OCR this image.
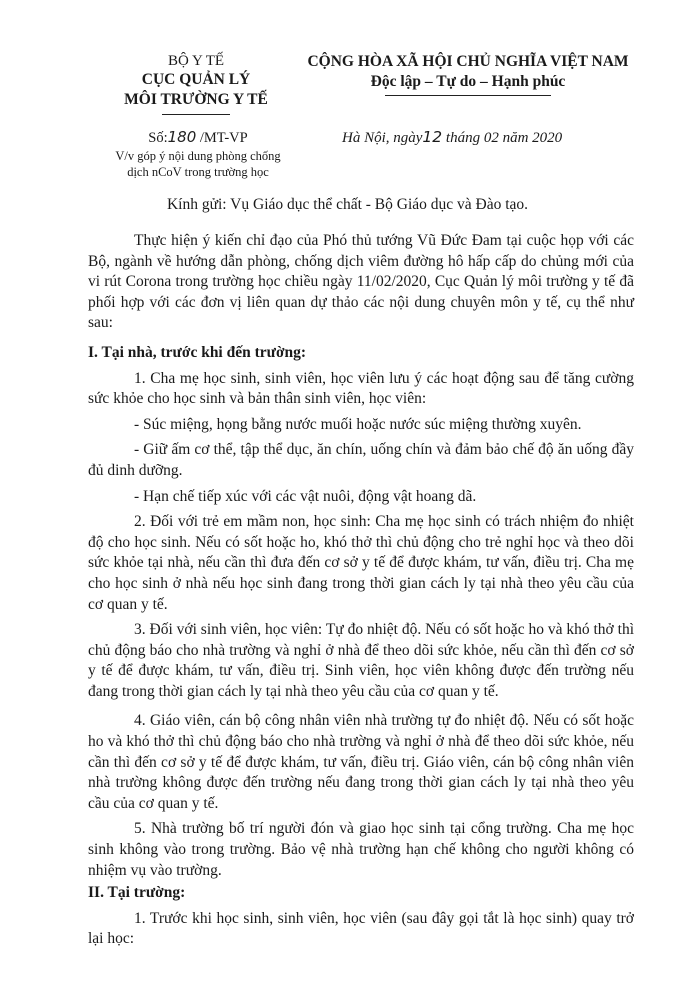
BỘ Y TẾ
CỤC QUẢN LÝ
MÔI TRƯỜNG Y TẾ
CỘNG HÒA XÃ HỘI CHỦ NGHĨA VIỆT NAM
Độc lập – Tự do – Hạnh phúc
Số:180 /MT-VP
V/v góp ý nội dung phòng chống
dịch nCoV trong trường học
Hà Nội, ngày12 tháng 02 năm 2020
Kính gửi: Vụ Giáo dục thể chất - Bộ Giáo dục và Đào tạo.

Thực hiện ý kiến chỉ đạo của Phó thủ tướng Vũ Đức Đam tại cuộc họp với các Bộ, ngành về hướng dẫn phòng, chống dịch viêm đường hô hấp cấp do chủng mới của vi rút Corona trong trường học chiều ngày 11/02/2020, Cục Quản lý môi trường y tế đã phối hợp với các đơn vị liên quan dự thảo các nội dung chuyên môn y tế, cụ thể như sau:

I. Tại nhà, trước khi đến trường:

1. Cha mẹ học sinh, sinh viên, học viên lưu ý các hoạt động sau để tăng cường sức khỏe cho học sinh và bản thân sinh viên, học viên:

- Súc miệng, họng bằng nước muối hoặc nước súc miệng thường xuyên.

- Giữ ấm cơ thể, tập thể dục, ăn chín, uống chín và đảm bảo chế độ ăn uống đầy đủ dinh dưỡng.

- Hạn chế tiếp xúc với các vật nuôi, động vật hoang dã.

2. Đối với trẻ em mầm non, học sinh: Cha mẹ học sinh có trách nhiệm đo nhiệt độ cho học sinh. Nếu có sốt hoặc ho, khó thở thì chủ động cho trẻ nghỉ học và theo dõi sức khỏe tại nhà, nếu cần thì đưa đến cơ sở y tế để được khám, tư vấn, điều trị. Cha mẹ cho học sinh ở nhà nếu học sinh đang trong thời gian cách ly tại nhà theo yêu cầu của cơ quan y tế.

3. Đối với sinh viên, học viên: Tự đo nhiệt độ. Nếu có sốt hoặc ho và khó thở thì chủ động báo cho nhà trường và nghỉ ở nhà để theo dõi sức khỏe, nếu cần thì đến cơ sở y tế để được khám, tư vấn, điều trị. Sinh viên, học viên không được đến trường nếu đang trong thời gian cách ly tại nhà theo yêu cầu của cơ quan y tế.

4. Giáo viên, cán bộ công nhân viên nhà trường tự đo nhiệt độ. Nếu có sốt hoặc ho và khó thở thì chủ động báo cho nhà trường và nghỉ ở nhà để theo dõi sức khỏe, nếu cần thì đến cơ sở y tế để được khám, tư vấn, điều trị. Giáo viên, cán bộ công nhân viên nhà trường không được đến trường nếu đang trong thời gian cách ly tại nhà theo yêu cầu của cơ quan y tế.

5. Nhà trường bố trí người đón và giao học sinh tại cổng trường. Cha mẹ học sinh không vào trong trường. Bảo vệ nhà trường hạn chế không cho người không có nhiệm vụ vào trường.

II. Tại trường:

1. Trước khi học sinh, sinh viên, học viên (sau đây gọi tắt là học sinh) quay trở lại học:
